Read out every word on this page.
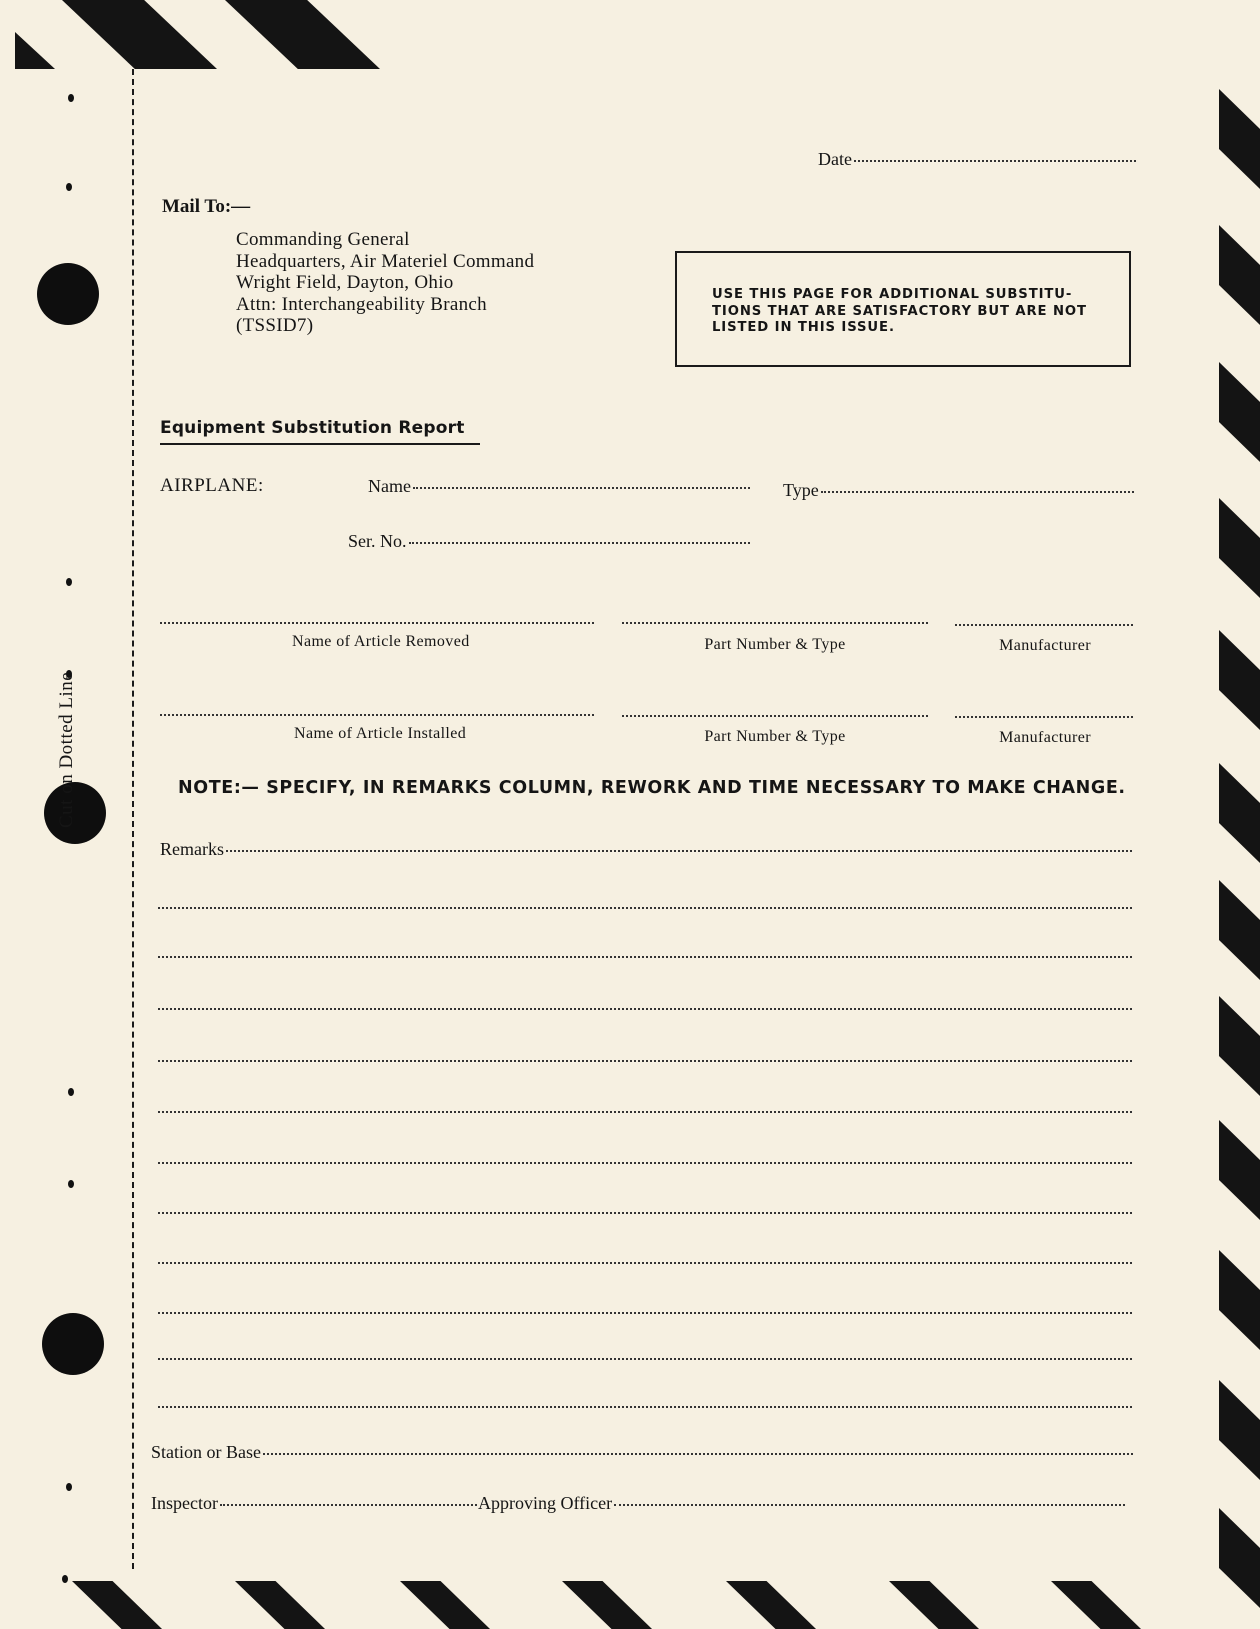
Cut on Dotted Line
Date
Mail To:—
Commanding General
Headquarters, Air Materiel Command
Wright Field, Dayton, Ohio
Attn: Interchangeability Branch
(TSSID7)
USE THIS PAGE FOR ADDITIONAL SUBSTITU-
TIONS THAT ARE SATISFACTORY BUT ARE NOT
LISTED IN THIS ISSUE.
Equipment Substitution Report
AIRPLANE:	Name	Type
Ser. No.
Name of Article Removed	Part Number & Type	Manufacturer
Name of Article Installed	Part Number & Type	Manufacturer
NOTE:— SPECIFY, IN REMARKS COLUMN, REWORK AND TIME NECESSARY TO MAKE CHANGE.
Remarks
Station or Base
Inspector	Approving Officer
